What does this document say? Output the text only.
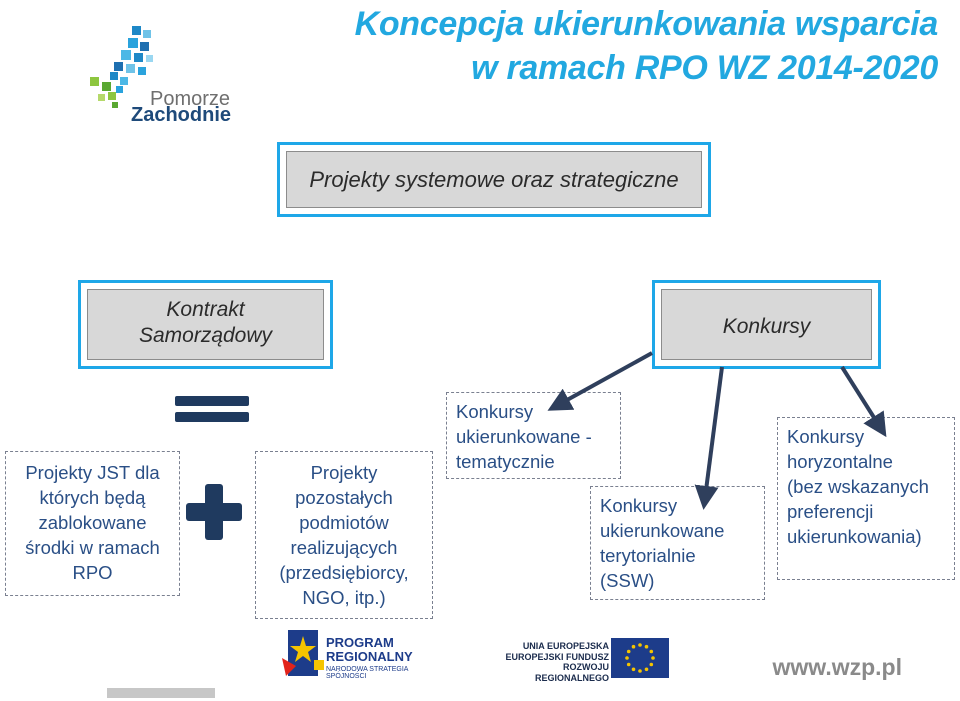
Koncepcja ukierunkowania wsparcia
w ramach RPO WZ 2014-2020
Pomorze
Zachodnie
Projekty systemowe oraz strategiczne
Kontrakt
Samorządowy	Konkursy
Projekty JST dla
których będą
zablokowane
środki w ramach
RPO
Projekty
pozostałych
podmiotów
realizujących
(przedsiębiorcy,
NGO, itp.)
Konkursy
ukierunkowane -
tematycznie
Konkursy
ukierunkowane
terytorialnie
(SSW)
Konkursy
horyzontalne
(bez wskazanych
preferencji
ukierunkowania)
PROGRAM
REGIONALNY
NARODOWA STRATEGIA SPÓJNOŚCI
UNIA EUROPEJSKA
EUROPEJSKI FUNDUSZ
ROZWOJU REGIONALNEGO	www.wzp.pl
